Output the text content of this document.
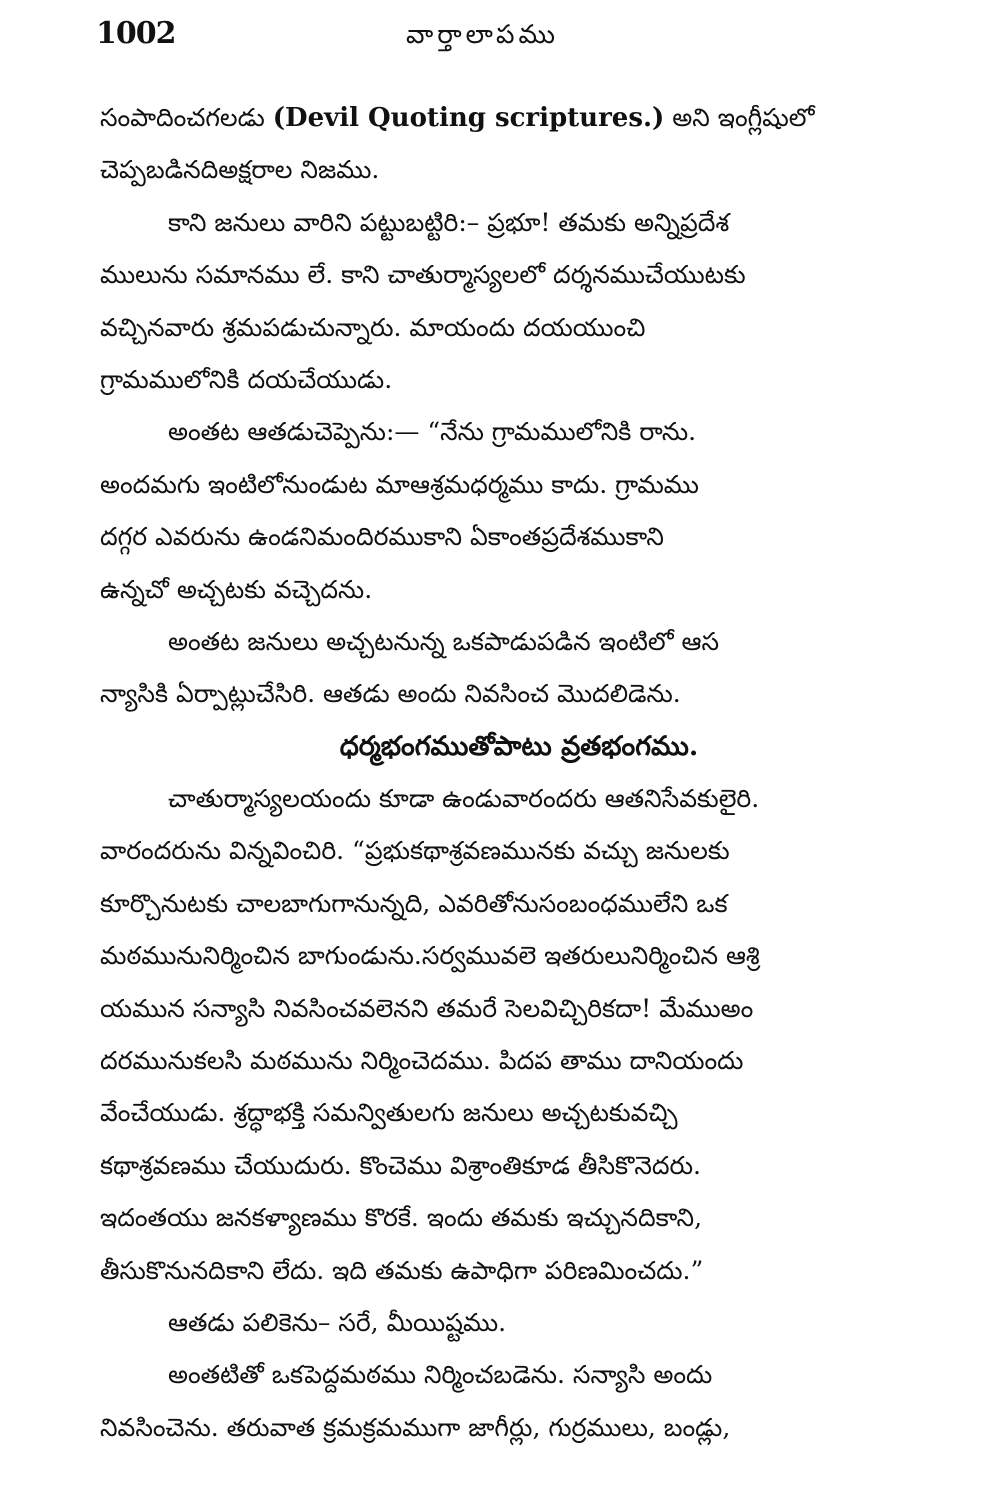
1002	వార్తాలాపము
సంపాదించగలడు (Devil Quoting scriptures.) అని ఇంగ్లీషులో
చెప్పబడినదిఅక్షరాల నిజము.
కాని జనులు వారిని పట్టుబట్టిరి:– ప్రభూ! తమకు అన్నిప్రదేశ
ములును సమానము లే. కాని చాతుర్మాస్యలలో దర్శనముచేయుటకు
వచ్చినవారు శ్రమపడుచున్నారు. మాయందు దయయుంచి
గ్రామములోనికి దయచేయుడు.
అంతట ఆతడుచెప్పెను:— “నేను గ్రామములోనికి రాను.
అందమగు ఇంటిలోనుండుట మాఆశ్రమధర్మము కాదు. గ్రామము
దగ్గర ఎవరును ఉండనిమందిరముకాని ఏకాంతప్రదేశముకాని
ఉన్నచో అచ్చటకు వచ్చెదను.
అంతట జనులు అచ్చటనున్న ఒకపాడుపడిన ఇంటిలో ఆస
న్యాసికి ఏర్పాట్లుచేసిరి. ఆతడు అందు నివసించ మొదలిడెను.
ధర్మభంగముతోపాటు వ్రతభంగము.
చాతుర్మాస్యలయందు కూడా ఉండువారందరు ఆతనిసేవకులైరి.
వారందరును విన్నవించిరి. “ప్రభుకథాశ్రవణమునకు వచ్చు జనులకు
కూర్చొనుటకు చాలబాగుగానున్నది, ఎవరితోనుసంబంధములేని ఒక
మఠమునునిర్మించిన బాగుండును.సర్వమువలె ఇతరులునిర్మించిన ఆశ్రి
యమున సన్యాసి నివసించవలెనని తమరే సెలవిచ్చిరికదా! మేముఅం
దరమునుకలసి మఠమును నిర్మించెదము. పిదప తాము దానియందు
వేంచేయుడు. శ్రద్ధాభక్తి సమన్వితులగు జనులు అచ్చటకువచ్చి
కథాశ్రవణము చేయుదురు. కొంచెము విశ్రాంతికూడ తీసికొనెదరు.
ఇదంతయు జనకళ్యాణము కొరకే. ఇందు తమకు ఇచ్చునదికాని,
తీసుకొనునదికాని లేదు. ఇది తమకు ఉపాధిగా పరిణమించదు.”
ఆతడు పలికెను– సరే, మీయిష్టము.
అంతటితో ఒకపెద్దమఠము నిర్మించబడెను. సన్యాసి అందు
నివసించెను. తరువాత క్రమక్రమముగా జాగీర్లు, గుర్రములు, బండ్లు,
